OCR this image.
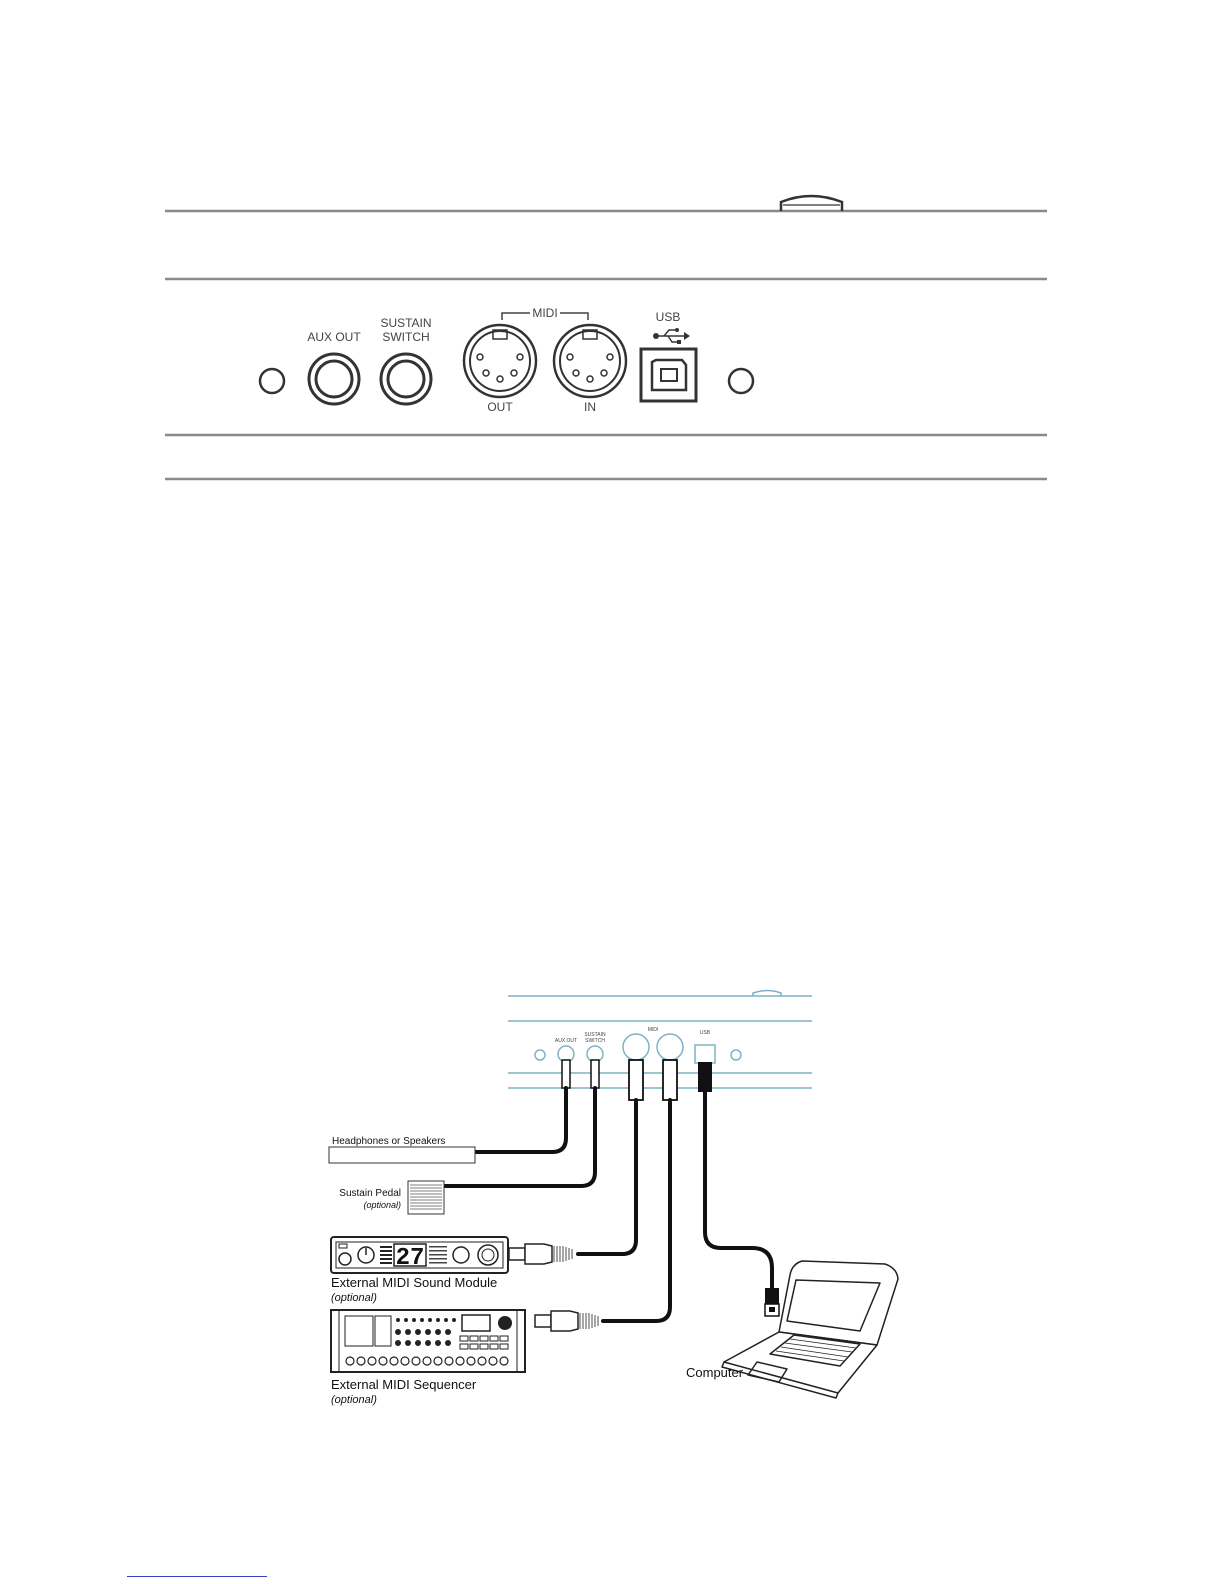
AUX OUT
SUSTAIN
SWITCH
MIDI
OUT	IN
USB
AUX OUT
SUSTAIN
SWITCH
MIDI	USB
Headphones or Speakers
Sustain Pedal
(optional)
27
External MIDI Sound Module
(optional)
External MIDI Sequencer
(optional)
Computer
